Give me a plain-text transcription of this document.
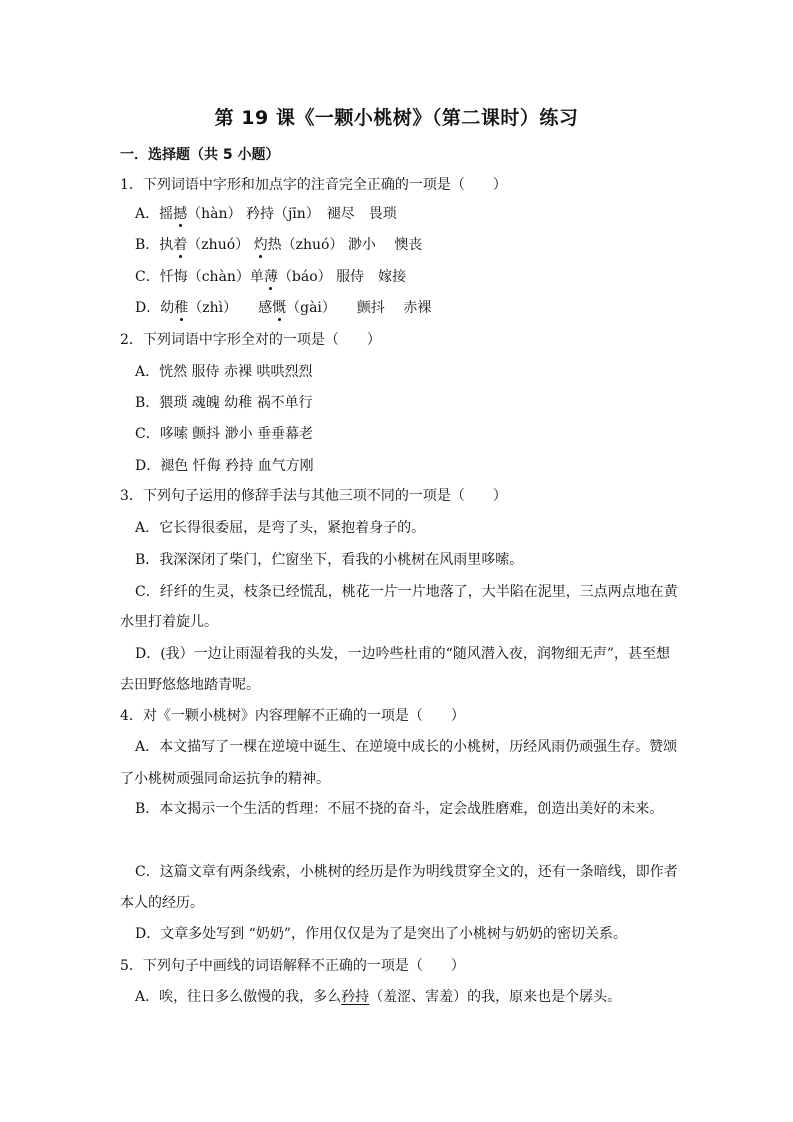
第 19 课《一颗小桃树》（第二课时）练习
一．选择题（共 5 小题）
1．下列词语中字形和加点字的注音完全正确的一项是（　　）
A．摇撼（hàn） 矜持（jīn）　褪尽　畏琐
B．执着（zhuó） 灼热（zhuó） 渺小　 懊丧
C．忏悔（chàn）单薄（báo） 服侍　嫁接
D．幼稚（zhì）　　感慨（gài）　　颤抖　 赤裸
2．下列词语中字形全对的一项是（　　）
A．恍然 服侍 赤裸 哄哄烈烈
B．猥琐 魂魄 幼稚 祸不单行
C．哆嗦 颤抖 渺小 垂垂幕老
D．褪色 忏侮 矜持 血气方刚
3．下列句子运用的修辞手法与其他三项不同的一项是（　　）
A．它长得很委屈，是弯了头，紧抱着身子的。
B．我深深闭了柴门，伫窗坐下，看我的小桃树在风雨里哆嗦。
C．纤纤的生灵，枝条已经慌乱，桃花一片一片地落了，大半陷在泥里，三点两点地在黄
水里打着旋儿。
D．(我）一边让雨湿着我的头发，一边吟些杜甫的“随风潜入夜，润物细无声”，甚至想
去田野悠悠地踏青呢。
4．对《一颗小桃树》内容理解不正确的一项是（　　）
A．本文描写了一棵在逆境中诞生、在逆境中成长的小桃树，历经风雨仍顽强生存。赞颂
了小桃树顽强同命运抗争的精神。
B．本文揭示一个生活的哲理：不屈不挠的奋斗，定会战胜磨难，创造出美好的未来。
C．这篇文章有两条线索，小桃树的经历是作为明线贯穿全文的，还有一条暗线，即作者
本人的经历。
D．文章多处写到 “奶奶”，作用仅仅是为了是突出了小桃树与奶奶的密切关系。
5．下列句子中画线的词语解释不正确的一项是（　　）
A．唉，往日多么傲慢的我，多么矜持（羞涩、害羞）的我，原来也是个孱头。
